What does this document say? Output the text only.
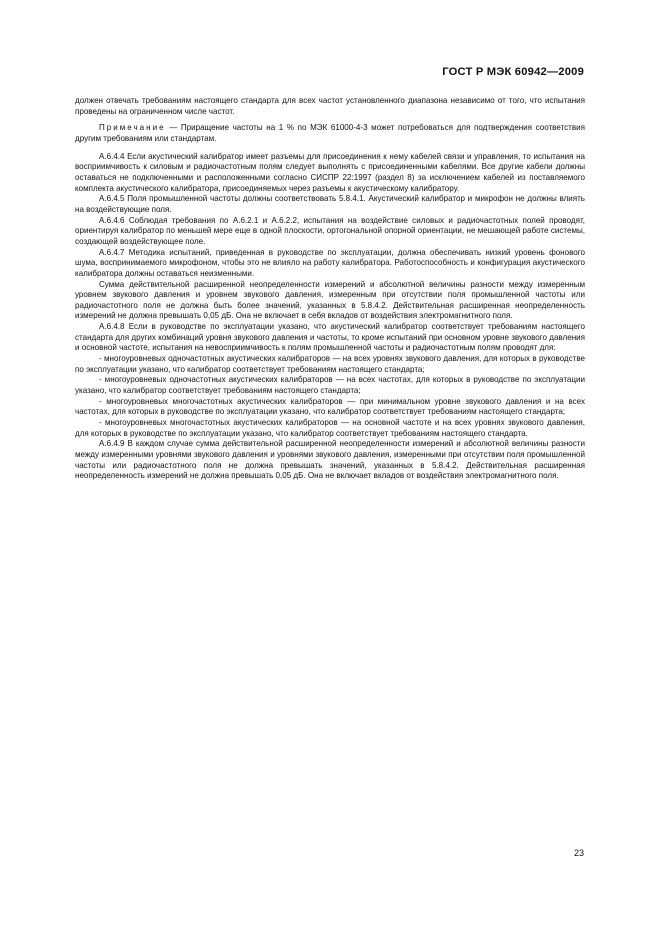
ГОСТ Р МЭК 60942—2009

должен отвечать требованиям настоящего стандарта для всех частот установленного диапазона независимо от того, что испытания проведены на ограниченном числе частот.

Примечание — Приращение частоты на 1 % по МЭК 61000-4-3 может потребоваться для подтверждения соответствия другим требованиям или стандартам.

А.6.4.4 Если акустический калибратор имеет разъемы для присоединения к нему кабелей связи и управления, то испытания на восприимчивость к силовым и радиочастотным полям следует выполнять с присоединенными кабелями. Все другие кабели должны оставаться не подключенными и расположенными согласно СИСПР 22:1997 (раздел 8) за исключением кабелей из поставляемого комплекта акустического калибратора, присоединяемых через разъемы к акустическому калибратору.

А.6.4.5 Поля промышленной частоты должны соответствовать 5.8.4.1. Акустический калибратор и микрофон не должны влиять на воздействующие поля.

А.6.4.6 Соблюдая требования по А.6.2.1 и А.6.2.2, испытания на воздействие силовых и радиочастотных полей проводят, ориентируя калибратор по меньшей мере еще в одной плоскости, ортогональной опорной ориентации, не мешающей работе системы, создающей воздействующее поле.

А.6.4.7 Методика испытаний, приведенная в руководстве по эксплуатации, должна обеспечивать низкий уровень фонового шума, воспринимаемого микрофоном, чтобы это не влияло на работу калибратора. Работоспособность и конфигурация акустического калибратора должны оставаться неизменными.

Сумма действительной расширенной неопределенности измерений и абсолютной величины разности между измеренным уровнем звукового давления и уровнем звукового давления, измеренным при отсутствии поля промышленной частоты или радиочастотного поля не должна быть более значений, указанных в 5.8.4.2. Действительная расширенная неопределенность измерений не должна превышать 0,05 дБ. Она не включает в себя вкладов от воздействия электромагнитного поля.

А.6.4.8 Если в руководстве по эксплуатации указано, что акустический калибратор соответствует требованиям настоящего стандарта для других комбинаций уровня звукового давления и частоты, то кроме испытаний при основном уровне звукового давления и основной частоте, испытания на невосприимчивость к полям промышленной частоты и радиочастотным полям проводят для:

- многоуровневых одночастотных акустических калибраторов — на всех уровнях звукового давления, для которых в руководстве по эксплуатации указано, что калибратор соответствует требованиям настоящего стандарта;

- многоуровневых одночастотных акустических калибраторов — на всех частотах, для которых в руководстве по эксплуатации указано, что калибратор соответствует требованиям настоящего стандарта;

- многоуровневых многочастотных акустических калибраторов — при минимальном уровне звукового давления и на всех частотах, для которых в руководстве по эксплуатации указано, что калибратор соответствует требованиям настоящего стандарта;

- многоуровневых многочастотных акустических калибраторов — на основной частоте и на всех уровнях звукового давления, для которых в руководстве по эксплуатации указано, что калибратор соответствует требованиям настоящего стандарта.

А.6.4.9 В каждом случае сумма действительной расширенной неопределенности измерений и абсолютной величины разности между измеренными уровнями звукового давления и уровнями звукового давления, измеренными при отсутствии поля промышленной частоты или радиочастотного поля не должна превышать значений, указанных в 5.8.4.2. Действительная расширенная неопределенность измерений не должна превышать 0,05 дБ. Она не включает вкладов от воздействия электромагнитного поля.

23
